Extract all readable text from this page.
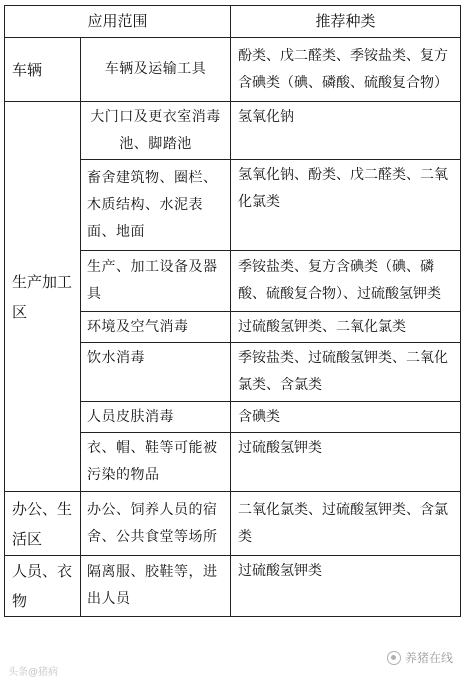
应用范围		推荐种类
车辆	车辆及运输工具	酚类、戊二醛类、季铵盐类、复方含碘类（碘、磷酸、硫酸复合物）
生产加工区	大门口及更衣室消毒池、脚踏池	氢氧化钠
	畜舍建筑物、圈栏、木质结构、水泥表面、地面	氢氧化钠、酚类、戊二醛类、二氧化氯类
	生产、加工设备及器具	季铵盐类、复方含碘类（碘、磷酸、硫酸复合物）、过硫酸氢钾类
	环境及空气消毒	过硫酸氢钾类、二氧化氯类
	饮水消毒	季铵盐类、过硫酸氢钾类、二氧化氯类、含氯类
	人员皮肤消毒	含碘类
	衣、帽、鞋等可能被污染的物品	过硫酸氢钾类
办公、生活区	办公、饲养人员的宿舍、公共食堂等场所	二氧化氯类、过硫酸氢钾类、含氯类
人员、衣物	隔离服、胶鞋等，进出人员	过硫酸氢钾类
头条@猪病
养猪在线
